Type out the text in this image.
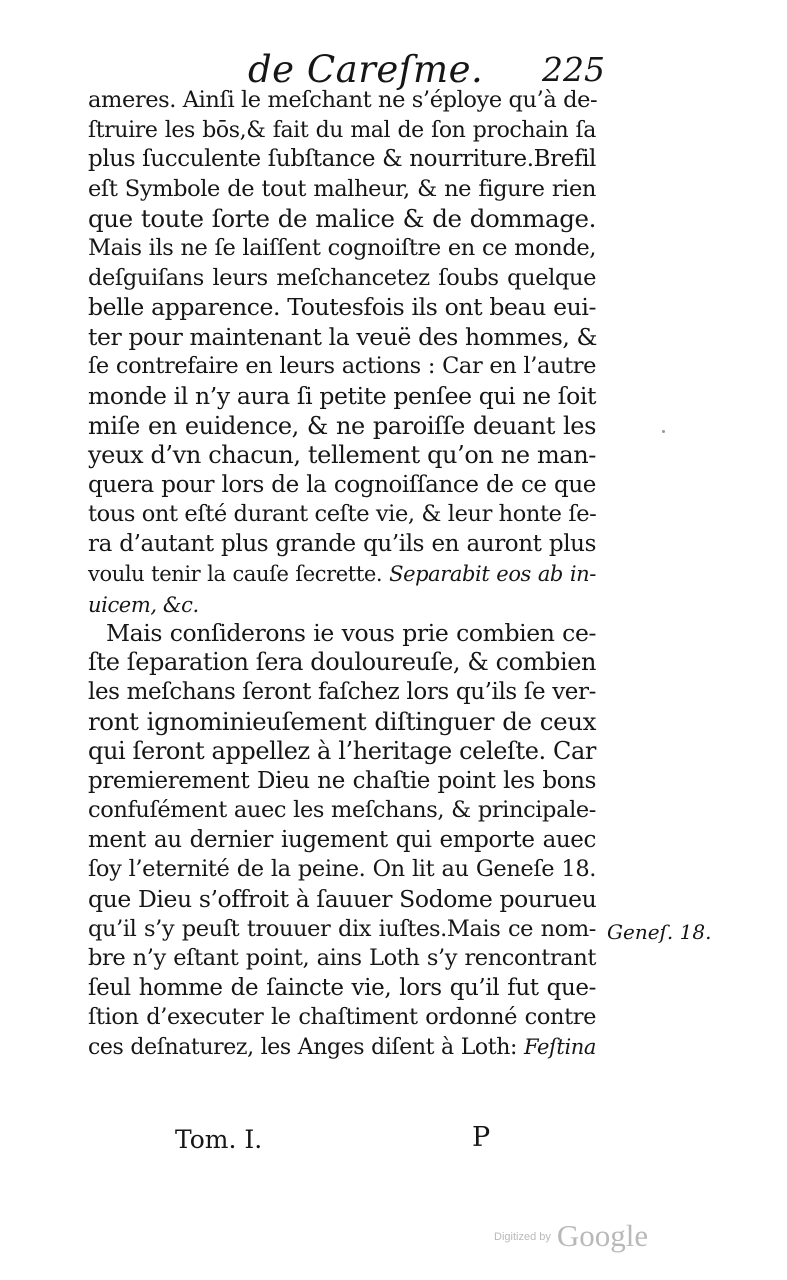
de Careſme. 225
ameres. Ainſi le meſchant ne s’éploye qu’à de-
ſtruire les bōs,& fait du mal de ſon prochain ſa
plus ſucculente ſubſtance & nourriture.Brefil
eſt Symbole de tout malheur, & ne figure rien
que toute ſorte de malice & de dommage.
Mais ils ne ſe laiſſent cognoiſtre en ce monde,
deſguiſans leurs meſchancetez ſoubs quelque
belle apparence. Toutesfois ils ont beau eui-
ter pour maintenant la veuë des hommes, &
ſe contrefaire en leurs actions : Car en l’autre
monde il n’y aura ſi petite penſee qui ne ſoit
miſe en euidence, & ne paroiſſe deuant les
yeux d’vn chacun, tellement qu’on ne man-
quera pour lors de la cognoiſſance de ce que
tous ont eſté durant ceſte vie, & leur honte ſe-
ra d’autant plus grande qu’ils en auront plus
voulu tenir la cauſe ſecrette. Separabit eos ab in-
uicem, &c.
Mais conſiderons ie vous prie combien ce-
ſte ſeparation ſera douloureuſe, & combien
les meſchans ſeront faſchez lors qu’ils ſe ver-
ront ignominieuſement diſtinguer de ceux
qui ſeront appellez à l’heritage celeſte. Car
premierement Dieu ne chaſtie point les bons
confuſément auec les meſchans, & principale-
ment au dernier iugement qui emporte auec
ſoy l’eternité de la peine. On lit au Geneſe 18.
que Dieu s’offroit à ſauuer Sodome pourueu
qu’il s’y peuſt trouuer dix iuſtes.Mais ce nom-
bre n’y eſtant point, ains Loth s’y rencontrant
ſeul homme de ſaincte vie, lors qu’il fut que-
ſtion d’executer le chaſtiment ordonné contre
ces deſnaturez, les Anges diſent à Loth: Feſtina
Geneſ. 18.
Tom. I.	P
$^{Digitized by}$ Google
